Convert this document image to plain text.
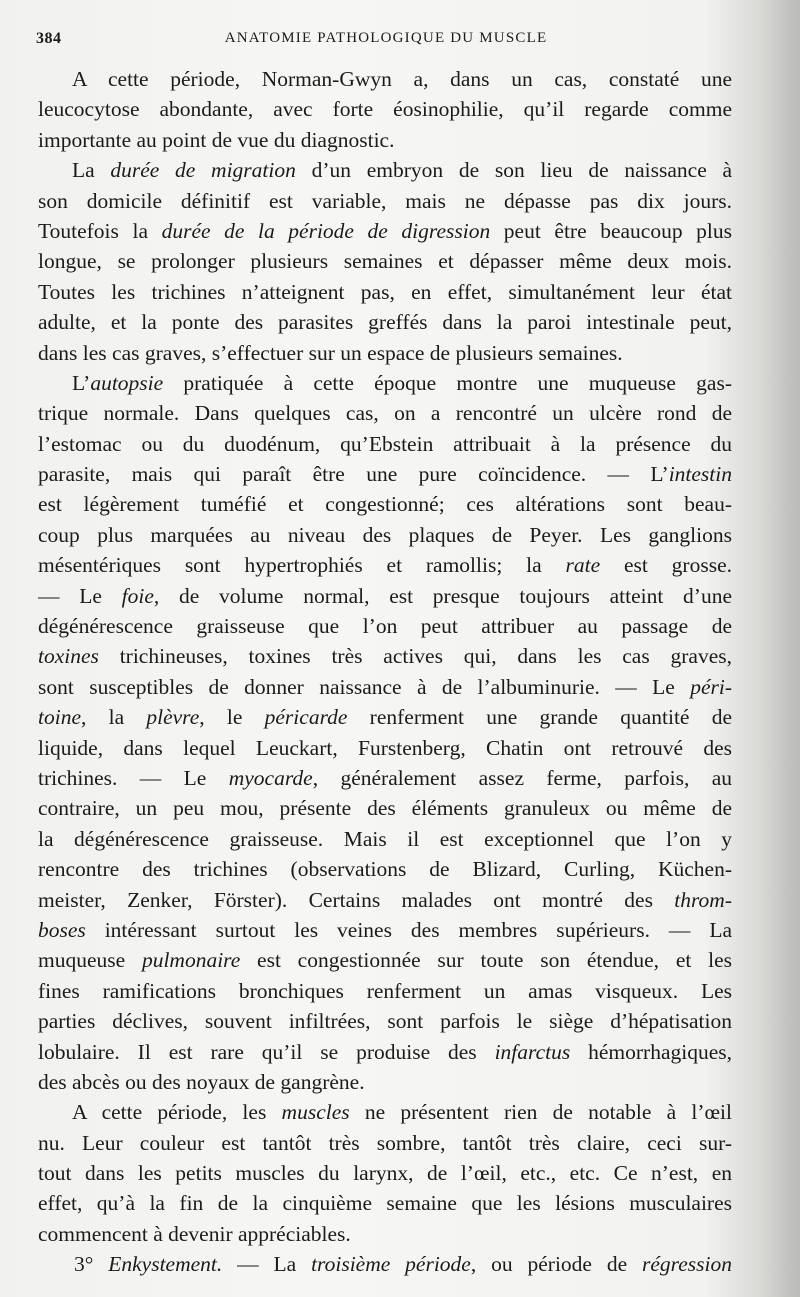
384	ANATOMIE PATHOLOGIQUE DU MUSCLE
A cette période, Norman-Gwyn a, dans un cas, constaté une
leucocytose abondante, avec forte éosinophilie, qu’il regarde comme
importante au point de vue du diagnostic.
La durée de migration d’un embryon de son lieu de naissance à
son domicile définitif est variable, mais ne dépasse pas dix jours.
Toutefois la durée de la période de digression peut être beaucoup plus
longue, se prolonger plusieurs semaines et dépasser même deux mois.
Toutes les trichines n’atteignent pas, en effet, simultanément leur état
adulte, et la ponte des parasites greffés dans la paroi intestinale peut,
dans les cas graves, s’effectuer sur un espace de plusieurs semaines.
L’autopsie pratiquée à cette époque montre une muqueuse gas-
trique normale. Dans quelques cas, on a rencontré un ulcère rond de
l’estomac ou du duodénum, qu’Ebstein attribuait à la présence du
parasite, mais qui paraît être une pure coïncidence. — L’intestin
est légèrement tuméfié et congestionné; ces altérations sont beau-
coup plus marquées au niveau des plaques de Peyer. Les ganglions
mésentériques sont hypertrophiés et ramollis; la rate est grosse.
— Le foie, de volume normal, est presque toujours atteint d’une
dégénérescence graisseuse que l’on peut attribuer au passage de
toxines trichineuses, toxines très actives qui, dans les cas graves,
sont susceptibles de donner naissance à de l’albuminurie. — Le péri-
toine, la plèvre, le péricarde renferment une grande quantité de
liquide, dans lequel Leuckart, Furstenberg, Chatin ont retrouvé des
trichines. — Le myocarde, généralement assez ferme, parfois, au
contraire, un peu mou, présente des éléments granuleux ou même de
la dégénérescence graisseuse. Mais il est exceptionnel que l’on y
rencontre des trichines (observations de Blizard, Curling, Küchen-
meister, Zenker, Förster). Certains malades ont montré des throm-
boses intéressant surtout les veines des membres supérieurs. — La
muqueuse pulmonaire est congestionnée sur toute son étendue, et les
fines ramifications bronchiques renferment un amas visqueux. Les
parties déclives, souvent infiltrées, sont parfois le siège d’hépatisation
lobulaire. Il est rare qu’il se produise des infarctus hémorrhagiques,
des abcès ou des noyaux de gangrène.
A cette période, les muscles ne présentent rien de notable à l’œil
nu. Leur couleur est tantôt très sombre, tantôt très claire, ceci sur-
tout dans les petits muscles du larynx, de l’œil, etc., etc. Ce n’est, en
effet, qu’à la fin de la cinquième semaine que les lésions musculaires
commencent à devenir appréciables.
3° Enkystement. — La troisième période, ou période de régression
